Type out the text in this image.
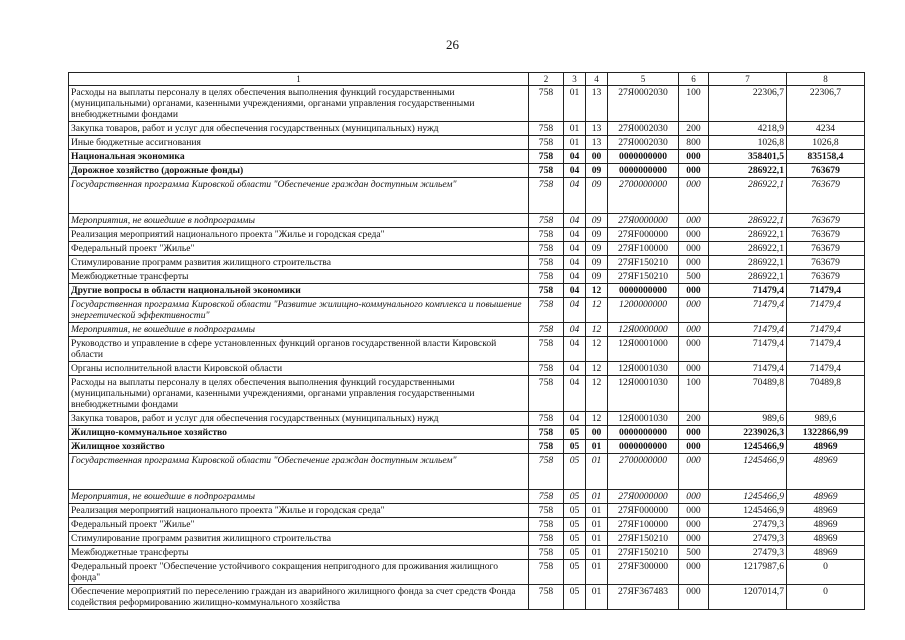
26
1	2	3	4	5	6	7	8
Расходы на выплаты персоналу в целях обеспечения выполнения функций государственными (муниципальными) органами, казенными учреждениями, органами управления государственными внебюджетными фондами	758	01	13	27Я0002030	100	22306,7	22306,7
Закупка товаров, работ и услуг для обеспечения государственных (муниципальных) нужд	758	01	13	27Я0002030	200	4218,9	4234
Иные бюджетные ассигнования	758	01	13	27Я0002030	800	1026,8	1026,8
Национальная экономика	758	04	00	0000000000	000	358401,5	835158,4
Дорожное хозяйство (дорожные фонды)	758	04	09	0000000000	000	286922,1	763679
Государственная программа Кировской области "Обеспечение граждан доступным жильем"	758	04	09	2700000000	000	286922,1	763679
Мероприятия, не вошедшие в подпрограммы	758	04	09	27Я0000000	000	286922,1	763679
Реализация мероприятий национального проекта "Жилье и городская среда"	758	04	09	27ЯF000000	000	286922,1	763679
Федеральный проект "Жилье"	758	04	09	27ЯF100000	000	286922,1	763679
Стимулирование программ развития жилищного строительства	758	04	09	27ЯF150210	000	286922,1	763679
Межбюджетные трансферты	758	04	09	27ЯF150210	500	286922,1	763679
Другие вопросы в области национальной экономики	758	04	12	0000000000	000	71479,4	71479,4
Государственная программа Кировской области "Развитие жилищно-коммунального комплекса и повышение энергетической эффективности"	758	04	12	1200000000	000	71479,4	71479,4
Мероприятия, не вошедшие в подпрограммы	758	04	12	12Я0000000	000	71479,4	71479,4
Руководство и управление в сфере установленных функций органов государственной власти Кировской области	758	04	12	12Я0001000	000	71479,4	71479,4
Органы исполнительной власти Кировской области	758	04	12	12Я0001030	000	71479,4	71479,4
Расходы на выплаты персоналу в целях обеспечения выполнения функций государственными (муниципальными) органами, казенными учреждениями, органами управления государственными внебюджетными фондами	758	04	12	12Я0001030	100	70489,8	70489,8
Закупка товаров, работ и услуг для обеспечения государственных (муниципальных) нужд	758	04	12	12Я0001030	200	989,6	989,6
Жилищно-коммунальное хозяйство	758	05	00	0000000000	000	2239026,3	1322866,99
Жилищное хозяйство	758	05	01	0000000000	000	1245466,9	48969
Государственная программа Кировской области "Обеспечение граждан доступным жильем"	758	05	01	2700000000	000	1245466,9	48969
Мероприятия, не вошедшие в подпрограммы	758	05	01	27Я0000000	000	1245466,9	48969
Реализация мероприятий национального проекта "Жилье и городская среда"	758	05	01	27ЯF000000	000	1245466,9	48969
Федеральный проект "Жилье"	758	05	01	27ЯF100000	000	27479,3	48969
Стимулирование программ развития жилищного строительства	758	05	01	27ЯF150210	000	27479,3	48969
Межбюджетные трансферты	758	05	01	27ЯF150210	500	27479,3	48969
Федеральный проект "Обеспечение устойчивого сокращения непригодного для проживания жилищного фонда"	758	05	01	27ЯF300000	000	1217987,6	0
Обеспечение мероприятий по переселению граждан из аварийного жилищного фонда за счет средств Фонда содействия реформированию жилищно-коммунального хозяйства	758	05	01	27ЯF367483	000	1207014,7	0
